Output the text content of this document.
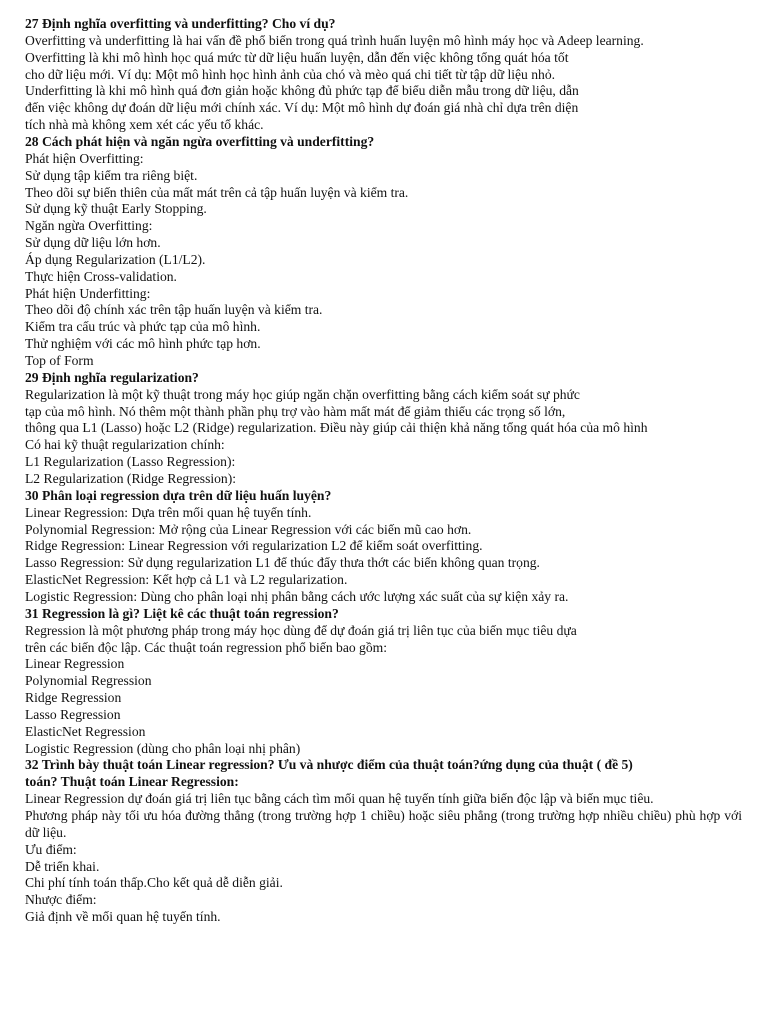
27 Định nghĩa overfitting và underfitting? Cho ví dụ?
Overfitting và underfitting là hai vấn đề phổ biến trong quá trình huấn luyện mô hình máy học và Adeep learning.
Overfitting là khi mô hình học quá mức từ dữ liệu huấn luyện, dẫn đến việc không tổng quát hóa tốt
cho dữ liệu mới. Ví dụ: Một mô hình học hình ảnh của chó và mèo quá chi tiết từ tập dữ liệu nhỏ.
Underfitting là khi mô hình quá đơn giản hoặc không đủ phức tạp để biểu diễn mẫu trong dữ liệu, dẫn
đến việc không dự đoán dữ liệu mới chính xác. Ví dụ: Một mô hình dự đoán giá nhà chỉ dựa trên diện
tích nhà mà không xem xét các yếu tố khác.
28 Cách phát hiện và ngăn ngừa overfitting và underfitting?
Phát hiện Overfitting:
Sử dụng tập kiểm tra riêng biệt.
Theo dõi sự biến thiên của mất mát trên cả tập huấn luyện và kiểm tra.
Sử dụng kỹ thuật Early Stopping.
Ngăn ngừa Overfitting:
Sử dụng dữ liệu lớn hơn.
Áp dụng Regularization (L1/L2).
Thực hiện Cross-validation.
Phát hiện Underfitting:
Theo dõi độ chính xác trên tập huấn luyện và kiểm tra.
Kiểm tra cấu trúc và phức tạp của mô hình.
Thử nghiệm với các mô hình phức tạp hơn.
Top of Form
29 Định nghĩa regularization?
Regularization là một kỹ thuật trong máy học giúp ngăn chặn overfitting bằng cách kiểm soát sự phức
tạp của mô hình. Nó thêm một thành phần phụ trợ vào hàm mất mát để giảm thiểu các trọng số lớn,
thông qua L1 (Lasso) hoặc L2 (Ridge) regularization. Điều này giúp cải thiện khả năng tổng quát hóa của mô hình
Có hai kỹ thuật regularization chính:
L1 Regularization (Lasso Regression):
L2 Regularization (Ridge Regression):
30 Phân loại regression dựa trên dữ liệu huấn luyện?
Linear Regression: Dựa trên mối quan hệ tuyến tính.
Polynomial Regression: Mở rộng của Linear Regression với các biến mũ cao hơn.
Ridge Regression: Linear Regression với regularization L2 để kiểm soát overfitting.
Lasso Regression: Sử dụng regularization L1 để thúc đẩy thưa thớt các biến không quan trọng.
ElasticNet Regression: Kết hợp cả L1 và L2 regularization.
Logistic Regression: Dùng cho phân loại nhị phân bằng cách ước lượng xác suất của sự kiện xảy ra.
31 Regression là gì? Liệt kê các thuật toán regression?
Regression là một phương pháp trong máy học dùng để dự đoán giá trị liên tục của biến mục tiêu dựa
trên các biến độc lập. Các thuật toán regression phổ biến bao gồm:
Linear Regression
Polynomial Regression
Ridge Regression
Lasso Regression
ElasticNet Regression
Logistic Regression (dùng cho phân loại nhị phân)
32 Trình bày thuật toán Linear regression? Ưu và nhược điểm của thuật toán?ứng dụng của thuật ( đề 5)
toán? Thuật toán Linear Regression:
Linear Regression dự đoán giá trị liên tục bằng cách tìm mối quan hệ tuyến tính giữa biến độc lập và biến mục tiêu.
Phương pháp này tối ưu hóa đường thẳng (trong trường hợp 1 chiều) hoặc siêu phẳng (trong trường hợp nhiều chiều) phù hợp với dữ liệu.
Ưu điểm:
Dễ triển khai.
Chi phí tính toán thấp.Cho kết quả dễ diễn giải.
Nhược điểm:
Giả định về mối quan hệ tuyến tính.
